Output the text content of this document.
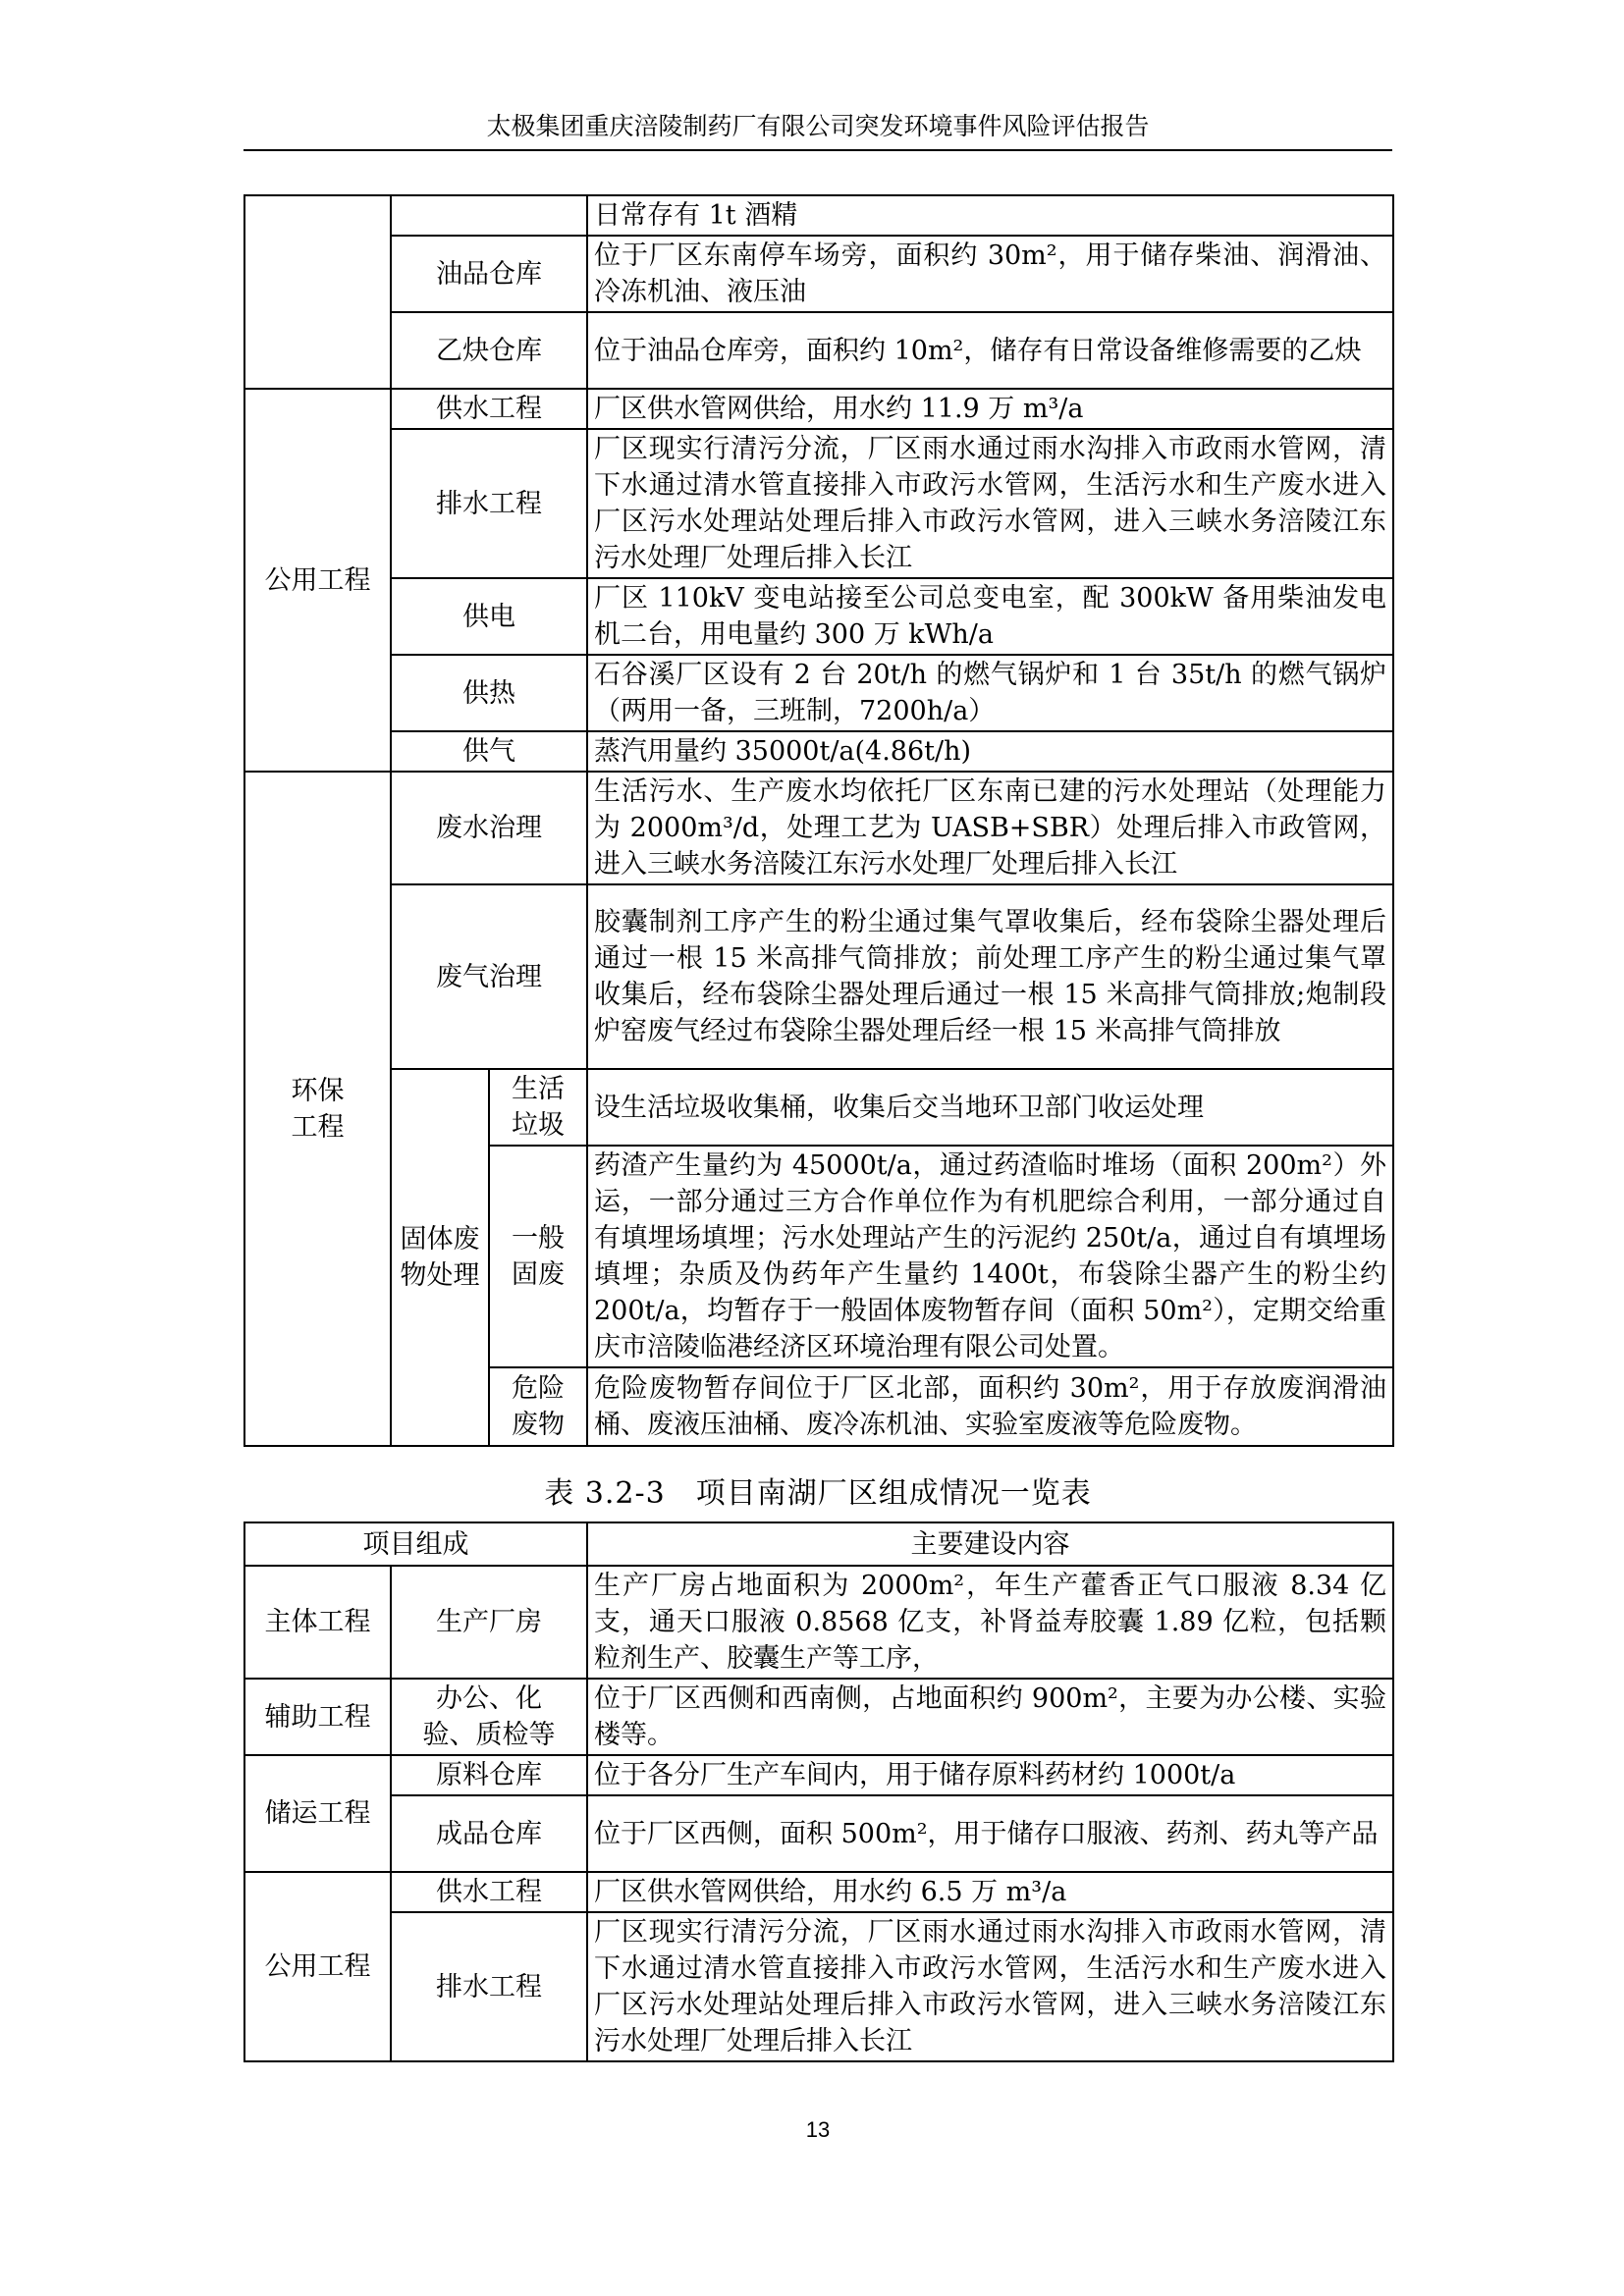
太极集团重庆涪陵制药厂有限公司突发环境事件风险评估报告
			日常存有 1t 酒精
	油品仓库		位于厂区东南停车场旁，面积约 30m²，用于储存柴油、润滑油、冷冻机油、液压油
	乙炔仓库		位于油品仓库旁，面积约 10m²，储存有日常设备维修需要的乙炔
公用工程	供水工程		厂区供水管网供给，用水约 11.9 万 m³/a
	排水工程		厂区现实行清污分流，厂区雨水通过雨水沟排入市政雨水管网，清下水通过清水管直接排入市政污水管网，生活污水和生产废水进入厂区污水处理站处理后排入市政污水管网，进入三峡水务涪陵江东污水处理厂处理后排入长江
	供电		厂区 110kV 变电站接至公司总变电室，配 300kW 备用柴油发电机二台，用电量约 300 万 kWh/a
	供热		石谷溪厂区设有 2 台 20t/h 的燃气锅炉和 1 台 35t/h 的燃气锅炉（两用一备，三班制，7200h/a）
	供气		蒸汽用量约 35000t/a(4.86t/h)
环保工程	废水治理		生活污水、生产废水均依托厂区东南已建的污水处理站（处理能力为 2000m³/d，处理工艺为 UASB+SBR）处理后排入市政管网，进入三峡水务涪陵江东污水处理厂处理后排入长江
	废气治理		胶囊制剂工序产生的粉尘通过集气罩收集后，经布袋除尘器处理后通过一根 15 米高排气筒排放；前处理工序产生的粉尘通过集气罩收集后，经布袋除尘器处理后通过一根 15 米高排气筒排放;炮制段炉窑废气经过布袋除尘器处理后经一根 15 米高排气筒排放
	固体废物处理	生活垃圾	设生活垃圾收集桶，收集后交当地环卫部门收运处理
		一般固废	药渣产生量约为 45000t/a，通过药渣临时堆场（面积 200m²）外运，一部分通过三方合作单位作为有机肥综合利用，一部分通过自有填埋场填埋；污水处理站产生的污泥约 250t/a，通过自有填埋场填埋；杂质及伪药年产生量约 1400t，布袋除尘器产生的粉尘约 200t/a，均暂存于一般固体废物暂存间（面积 50m²），定期交给重庆市涪陵临港经济区环境治理有限公司处置。
		危险废物	危险废物暂存间位于厂区北部，面积约 30m²，用于存放废润滑油桶、废液压油桶、废冷冻机油、实验室废液等危险废物。
表 3.2-3　项目南湖厂区组成情况一览表
项目组成		主要建设内容
主体工程	生产厂房	生产厂房占地面积为 2000m²，年生产藿香正气口服液 8.34 亿支，通天口服液 0.8568 亿支，补肾益寿胶囊 1.89 亿粒，包括颗粒剂生产、胶囊生产等工序，
辅助工程	办公、化验、质检等	位于厂区西侧和西南侧，占地面积约 900m²，主要为办公楼、实验楼等。
储运工程	原料仓库	位于各分厂生产车间内，用于储存原料药材约 1000t/a
	成品仓库	位于厂区西侧，面积 500m²，用于储存口服液、药剂、药丸等产品
公用工程	供水工程	厂区供水管网供给，用水约 6.5 万 m³/a
	排水工程	厂区现实行清污分流，厂区雨水通过雨水沟排入市政雨水管网，清下水通过清水管直接排入市政污水管网，生活污水和生产废水进入厂区污水处理站处理后排入市政污水管网，进入三峡水务涪陵江东污水处理厂处理后排入长江
13
